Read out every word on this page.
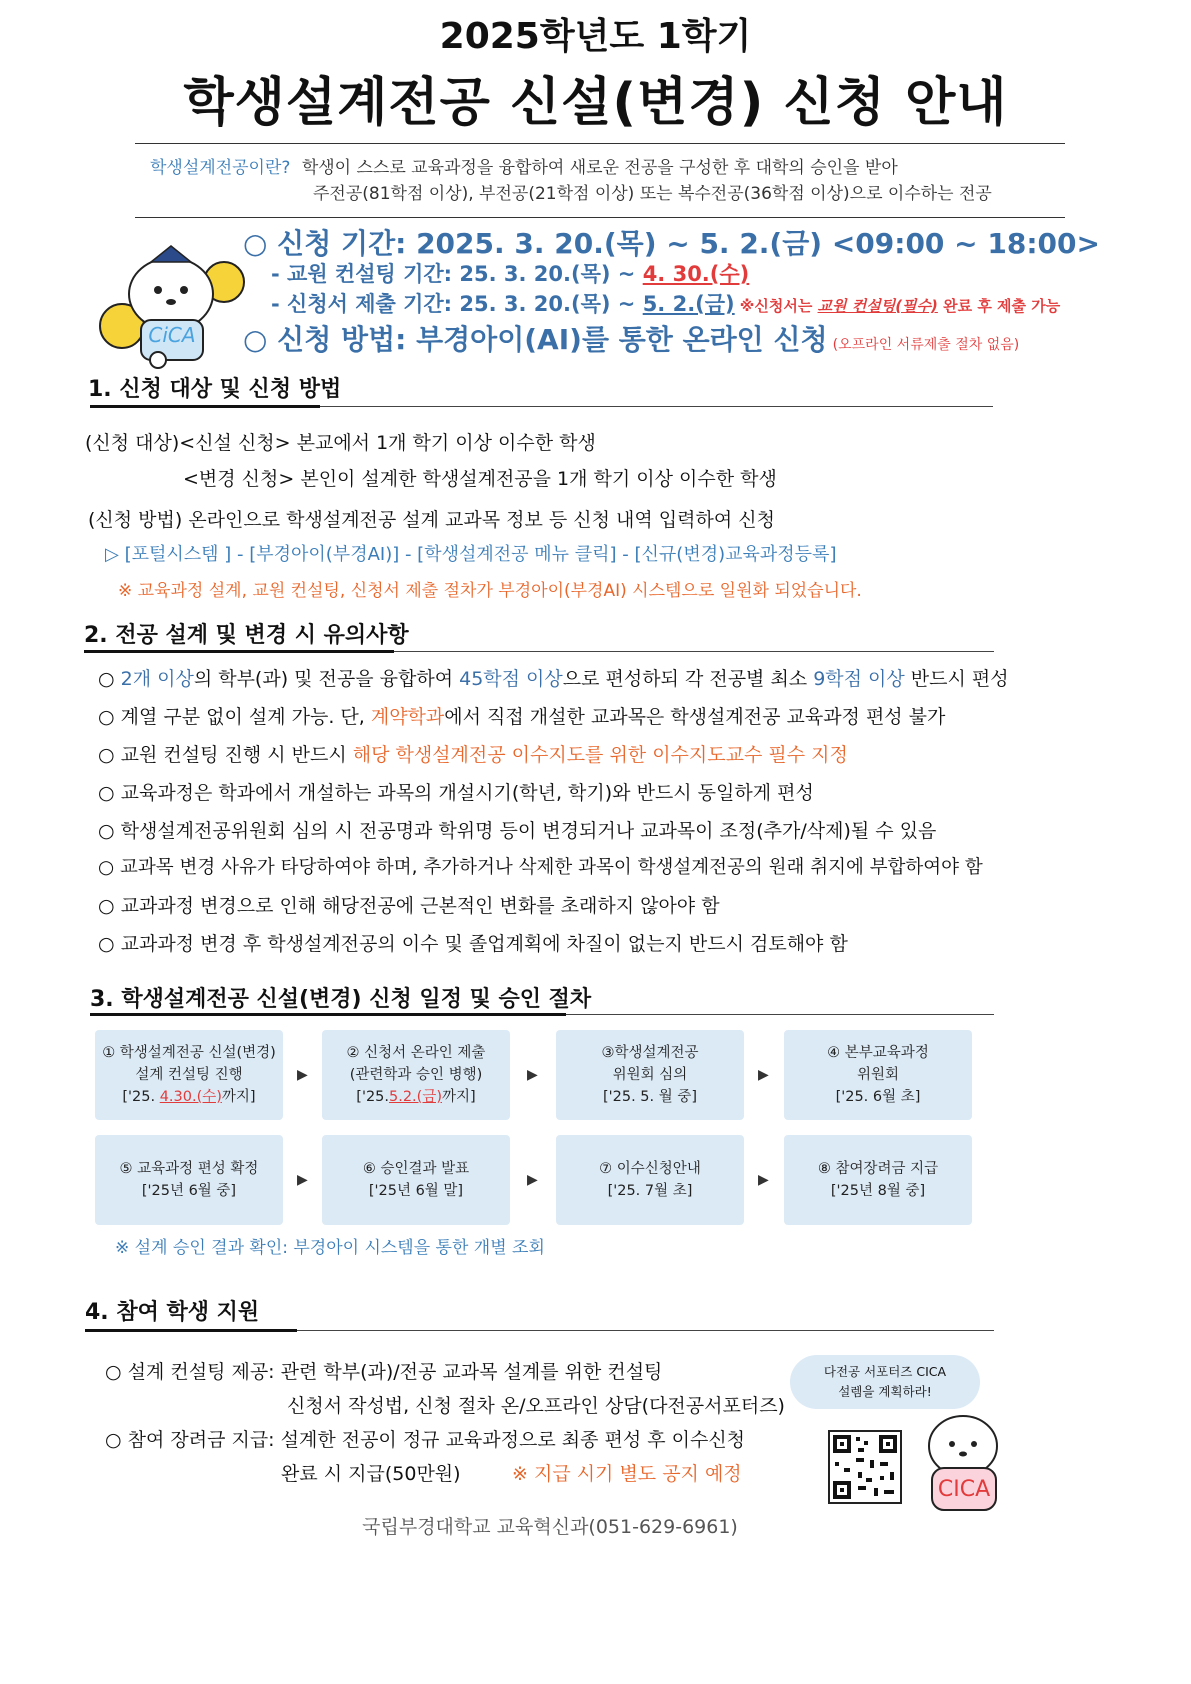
2025학년도 1학기
학생설계전공 신설(변경) 신청 안내
학생설계전공이란? 학생이 스스로 교육과정을 융합하여 새로운 전공을 구성한 후 대학의 승인을 받아
주전공(81학점 이상), 부전공(21학점 이상) 또는 복수전공(36학점 이상)으로 이수하는 전공
CiCA
○ 신청 기간: 2025. 3. 20.(목) ~ 5. 2.(금) <09:00 ~ 18:00>
- 교원 컨설팅 기간: 25. 3. 20.(목) ~ 4. 30.(수)
- 신청서 제출 기간: 25. 3. 20.(목) ~ 5. 2.(금) ※신청서는 교원 컨설팅(필수) 완료 후 제출 가능
○ 신청 방법: 부경아이(AI)를 통한 온라인 신청 (오프라인 서류제출 절차 없음)
1. 신청 대상 및 신청 방법
(신청 대상)<신설 신청> 본교에서 1개 학기 이상 이수한 학생
<변경 신청> 본인이 설계한 학생설계전공을 1개 학기 이상 이수한 학생
(신청 방법) 온라인으로 학생설계전공 설계 교과목 정보 등 신청 내역 입력하여 신청
▷ [포털시스템 ] - [부경아이(부경AI)] - [학생설계전공 메뉴 클릭] - [신규(변경)교육과정등록]
※ 교육과정 설계, 교원 컨설팅, 신청서 제출 절차가 부경아이(부경AI) 시스템으로 일원화 되었습니다.
2. 전공 설계 및 변경 시 유의사항
○ 2개 이상의 학부(과) 및 전공을 융합하여 45학점 이상으로 편성하되 각 전공별 최소 9학점 이상 반드시 편성
○ 계열 구분 없이 설계 가능. 단, 계약학과에서 직접 개설한 교과목은 학생설계전공 교육과정 편성 불가
○ 교원 컨설팅 진행 시 반드시 해당 학생설계전공 이수지도를 위한 이수지도교수 필수 지정
○ 교육과정은 학과에서 개설하는 과목의 개설시기(학년, 학기)와 반드시 동일하게 편성
○ 학생설계전공위원회 심의 시 전공명과 학위명 등이 변경되거나 교과목이 조정(추가/삭제)될 수 있음
○ 교과목 변경 사유가 타당하여야 하며, 추가하거나 삭제한 과목이 학생설계전공의 원래 취지에 부합하여야 함
○ 교과과정 변경으로 인해 해당전공에 근본적인 변화를 초래하지 않아야 함
○ 교과과정 변경 후 학생설계전공의 이수 및 졸업계획에 차질이 없는지 반드시 검토해야 함
3. 학생설계전공 신설(변경) 신청 일정 및 승인 절차
① 학생설계전공 신설(변경)
설계 컨설팅 진행
['25. 4.30.(수)까지]
▶
② 신청서 온라인 제출
(관련학과 승인 병행)
['25.5.2.(금)까지]
▶
③학생설계전공
위원회 심의
['25. 5. 월 중]
▶
④ 본부교육과정
위원회
['25. 6월 초]
⑤ 교육과정 편성 확정
['25년 6월 중]
▶
⑥ 승인결과 발표
['25년 6월 말]
▶
⑦ 이수신청안내
['25. 7월 초]
▶
⑧ 참여장려금 지급
['25년 8월 중]
※ 설계 승인 결과 확인: 부경아이 시스템을 통한 개별 조회
4. 참여 학생 지원
○ 설계 컨설팅 제공: 관련 학부(과)/전공 교과목 설계를 위한 컨설팅
신청서 작성법, 신청 절차 온/오프라인 상담(다전공서포터즈)
○ 참여 장려금 지급: 설계한 전공이 정규 교육과정으로 최종 편성 후 이수신청
완료 시 지급(50만원)	※ 지급 시기 별도 공지 예정
다전공 서포터즈 CICA
설렘을 계획하라!
CICA
국립부경대학교 교육혁신과(051-629-6961)
